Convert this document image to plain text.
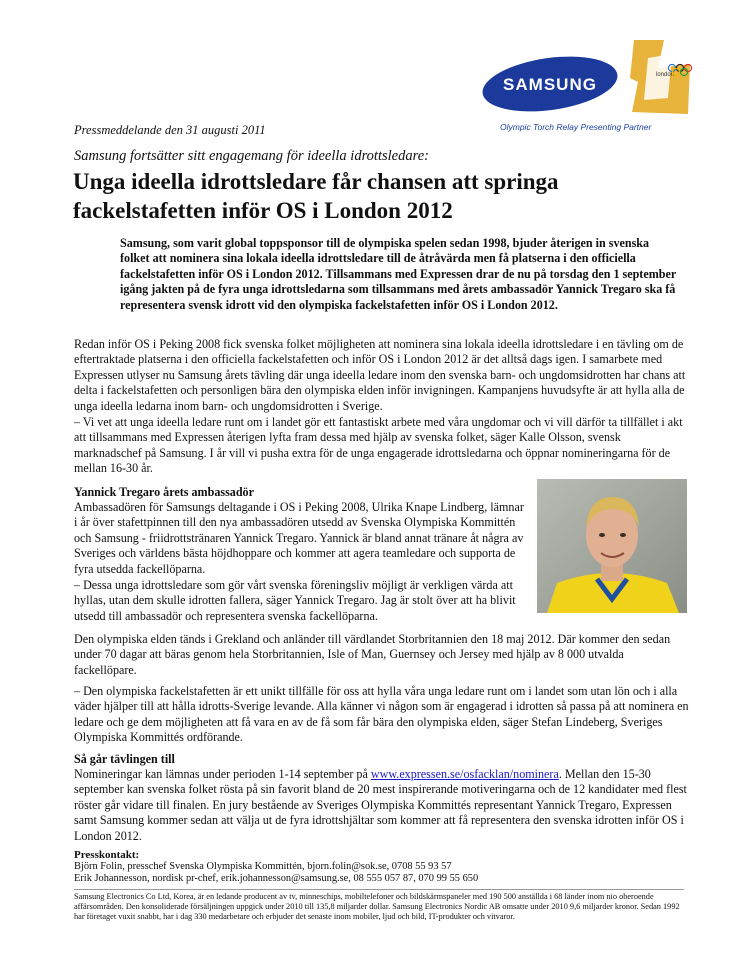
SAMSUNG	london
Olympic Torch Relay Presenting Partner
Pressmeddelande den 31 augusti 2011
Samsung fortsätter sitt engagemang för ideella idrottsledare:
Unga ideella idrottsledare får chansen att springa fackelstafetten inför OS i London 2012

Samsung, som varit global toppsponsor till de olympiska spelen sedan 1998, bjuder återigen in svenska folket att nominera sina lokala ideella idrottsledare till de åtråvärda men få platserna i den officiella fackelstafetten inför OS i London 2012. Tillsammans med Expressen drar de nu på torsdag den 1 september igång jakten på de fyra unga idrottsledarna som tillsammans med årets ambassadör Yannick Tregaro ska få representera svensk idrott vid den olympiska fackelstafetten inför OS i London 2012.

Redan inför OS i Peking 2008 fick svenska folket möjligheten att nominera sina lokala ideella idrottsledare i en tävling om de eftertraktade platserna i den officiella fackelstafetten och inför OS i London 2012 är det alltså dags igen. I samarbete med Expressen utlyser nu Samsung årets tävling där unga ideella ledare inom den svenska barn- och ungdomsidrotten har chans att delta i fackelstafetten och personligen bära den olympiska elden inför invigningen. Kampanjens huvudsyfte är att hylla alla de unga ideella ledarna inom barn- och ungdomsidrotten i Sverige.

– Vi vet att unga ideella ledare runt om i landet gör ett fantastiskt arbete med våra ungdomar och vi vill därför ta tillfället i akt att tillsammans med Expressen återigen lyfta fram dessa med hjälp av svenska folket, säger Kalle Olsson, svensk marknadschef på Samsung. I år vill vi pusha extra för de unga engagerade idrottsledarna och öppnar nomineringarna för de mellan 16-30 år.

Yannick Tregaro årets ambassadör

Ambassadören för Samsungs deltagande i OS i Peking 2008, Ulrika Knape Lindberg, lämnar i år över stafettpinnen till den nya ambassadören utsedd av Svenska Olympiska Kommittén och Samsung - friidrottstränaren Yannick Tregaro. Yannick är bland annat tränare åt några av Sveriges och världens bästa höjdhoppare och kommer att agera teamledare och supporta de fyra utsedda fackellöparna.

– Dessa unga idrottsledare som gör vårt svenska föreningsliv möjligt är verkligen värda att hyllas, utan dem skulle idrotten fallera, säger Yannick Tregaro. Jag är stolt över att ha blivit utsedd till ambassadör och representera svenska fackellöparna.

Den olympiska elden tänds i Grekland och anländer till värdlandet Storbritannien den 18 maj 2012. Där kommer den sedan under 70 dagar att bäras genom hela Storbritannien, Isle of Man, Guernsey och Jersey med hjälp av 8 000 utvalda fackellöpare.

– Den olympiska fackelstafetten är ett unikt tillfälle för oss att hylla våra unga ledare runt om i landet som utan lön och i alla väder hjälper till att hålla idrotts-Sverige levande. Alla känner vi någon som är engagerad i idrotten så passa på att nominera en ledare och ge dem möjligheten att få vara en av de få som får bära den olympiska elden, säger Stefan Lindeberg, Sveriges Olympiska Kommittés ordförande.

Så går tävlingen till

Nomineringar kan lämnas under perioden 1-14 september på www.expressen.se/osfacklan/nominera. Mellan den 15-30 september kan svenska folket rösta på sin favorit bland de 20 mest inspirerande motiveringarna och de 12 kandidater med flest röster går vidare till finalen. En jury bestående av Sveriges Olympiska Kommittés representant Yannick Tregaro, Expressen samt Samsung kommer sedan att välja ut de fyra idrottshjältar som kommer att få representera den svenska idrotten inför OS i London 2012.

Presskontakt:
Björn Folin, presschef Svenska Olympiska Kommittén, bjorn.folin@sok.se, 0708 55 93 57
Erik Johannesson, nordisk pr-chef, erik.johannesson@samsung.se, 08 555 057 87, 070 99 55 650

Samsung Electronics Co Ltd, Korea, är en ledande producent av tv, minneschips, mobiltelefoner och bildskärmspaneler med 190 500 anställda i 68 länder inom nio oberoende affärsområden. Den konsoliderade försäljningen uppgick under 2010 till 135,8 miljarder dollar. Samsung Electronics Nordic AB omsatte under 2010 9,6 miljarder kronor. Sedan 1992 har företaget vuxit snabbt, har i dag 330 medarbetare och erbjuder det senaste inom mobiler, ljud och bild, IT-produkter och vitvaror.
